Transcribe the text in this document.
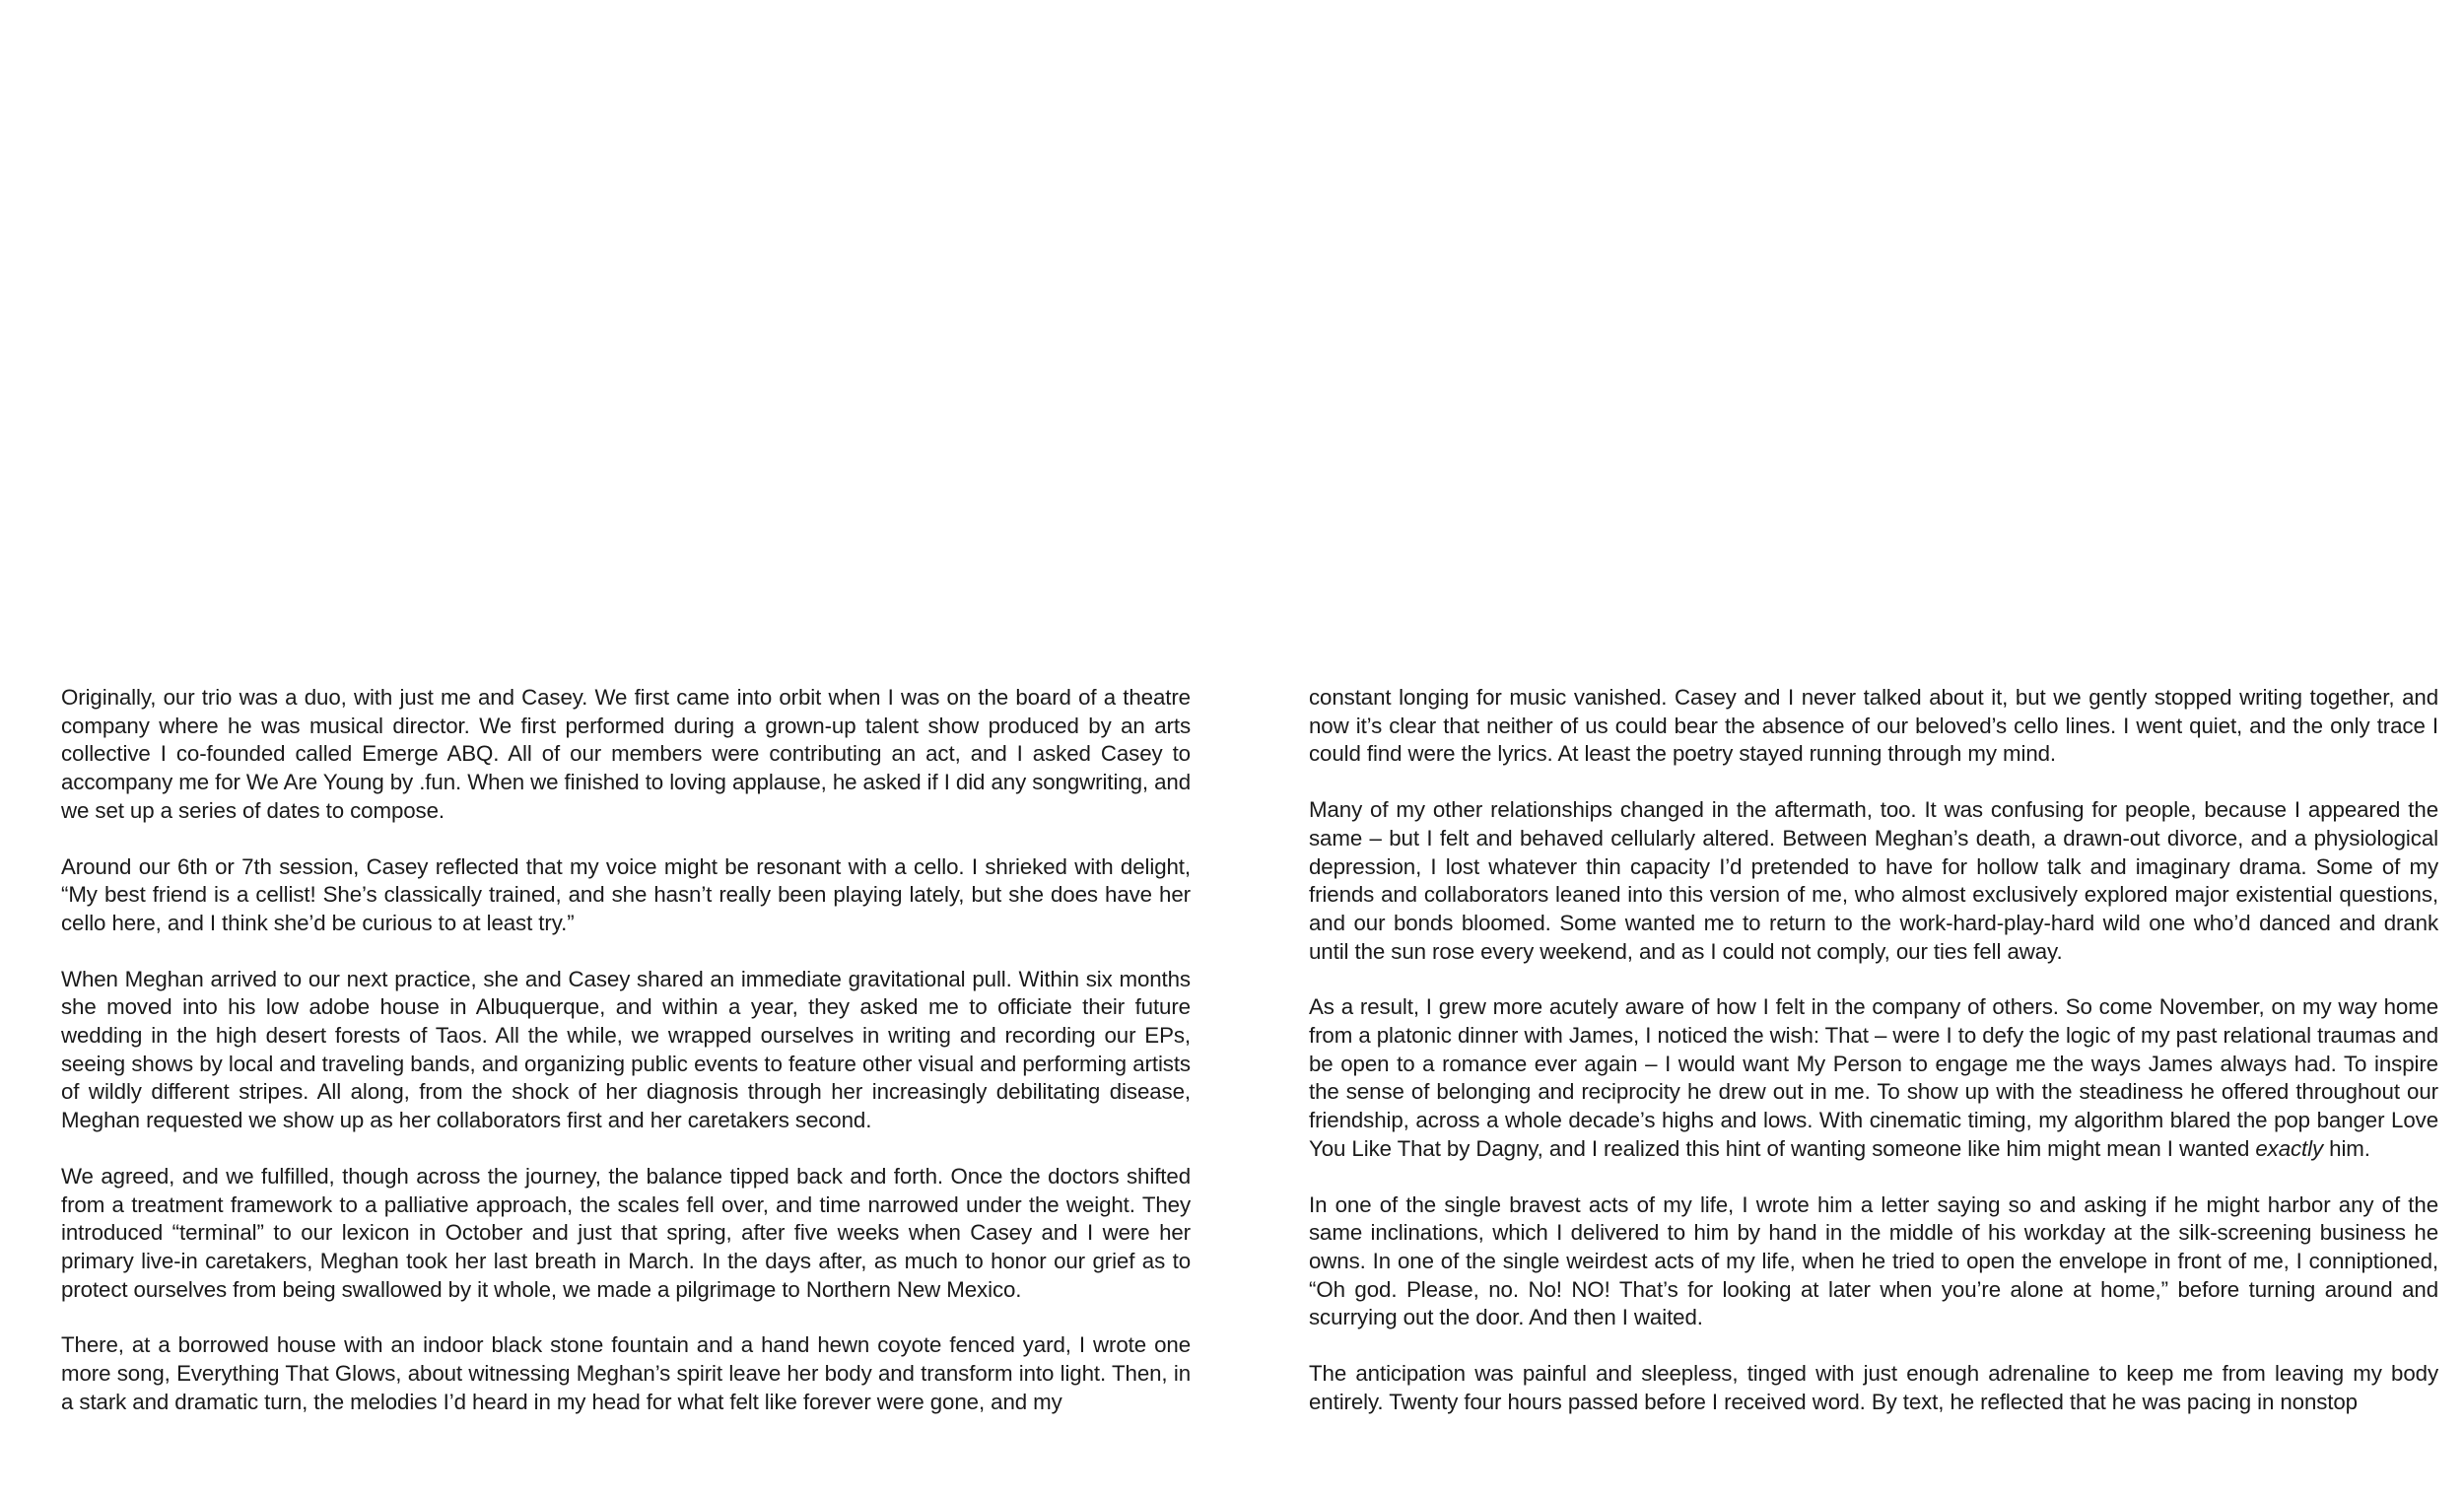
Originally, our trio was a duo, with just me and Casey. We first came into orbit when I was on the board of a theatre company where he was musical director. We first performed during a grown-up talent show produced by an arts collective I co-founded called Emerge ABQ. All of our members were contributing an act, and I asked Casey to accompany me for We Are Young by .fun. When we finished to loving applause, he asked if I did any songwriting, and we set up a series of dates to compose.

Around our 6th or 7th session, Casey reflected that my voice might be resonant with a cello. I shrieked with delight, “My best friend is a cellist! She’s classically trained, and she hasn’t really been playing lately, but she does have her cello here, and I think she’d be curious to at least try.”

When Meghan arrived to our next practice, she and Casey shared an immediate gravitational pull. Within six months she moved into his low adobe house in Albuquerque, and within a year, they asked me to officiate their future wedding in the high desert forests of Taos. All the while, we wrapped ourselves in writing and recording our EPs, seeing shows by local and traveling bands, and organizing public events to feature other visual and performing artists of wildly different stripes. All along, from the shock of her diagnosis through her increasingly debilitating disease, Meghan requested we show up as her collaborators first and her caretakers second.

We agreed, and we fulfilled, though across the journey, the balance tipped back and forth. Once the doctors shifted from a treatment framework to a palliative approach, the scales fell over, and time narrowed under the weight. They introduced “terminal” to our lexicon in October and just that spring, after five weeks when Casey and I were her primary live-in caretakers, Meghan took her last breath in March. In the days after, as much to honor our grief as to protect ourselves from being swallowed by it whole, we made a pilgrimage to Northern New Mexico.

There, at a borrowed house with an indoor black stone fountain and a hand hewn coyote fenced yard, I wrote one more song, Everything That Glows, about witnessing Meghan’s spirit leave her body and transform into light. Then, in a stark and dramatic turn, the melodies I’d heard in my head for what felt like forever were gone, and my

constant longing for music vanished. Casey and I never talked about it, but we gently stopped writing together, and now it’s clear that neither of us could bear the absence of our beloved’s cello lines. I went quiet, and the only trace I could find were the lyrics. At least the poetry stayed running through my mind.

Many of my other relationships changed in the aftermath, too. It was confusing for people, because I appeared the same – but I felt and behaved cellularly altered. Between Meghan’s death, a drawn-out divorce, and a physiological depression, I lost whatever thin capacity I’d pretended to have for hollow talk and imaginary drama. Some of my friends and collaborators leaned into this version of me, who almost exclusively explored major existential questions, and our bonds bloomed. Some wanted me to return to the work-hard-play-hard wild one who’d danced and drank until the sun rose every weekend, and as I could not comply, our ties fell away.

As a result, I grew more acutely aware of how I felt in the company of others. So come November, on my way home from a platonic dinner with James, I noticed the wish: That – were I to defy the logic of my past relational traumas and be open to a romance ever again – I would want My Person to engage me the ways James always had. To inspire the sense of belonging and reciprocity he drew out in me. To show up with the steadiness he offered throughout our friendship, across a whole decade’s highs and lows. With cinematic timing, my algorithm blared the pop banger Love You Like That by Dagny, and I realized this hint of wanting someone like him might mean I wanted exactly him.

In one of the single bravest acts of my life, I wrote him a letter saying so and asking if he might harbor any of the same inclinations, which I delivered to him by hand in the middle of his workday at the silk-screening business he owns. In one of the single weirdest acts of my life, when he tried to open the envelope in front of me, I conniptioned, “Oh god. Please, no. No! NO! That’s for looking at later when you’re alone at home,” before turning around and scurrying out the door. And then I waited.

The anticipation was painful and sleepless, tinged with just enough adrenaline to keep me from leaving my body entirely. Twenty four hours passed before I received word. By text, he reflected that he was pacing in nonstop
